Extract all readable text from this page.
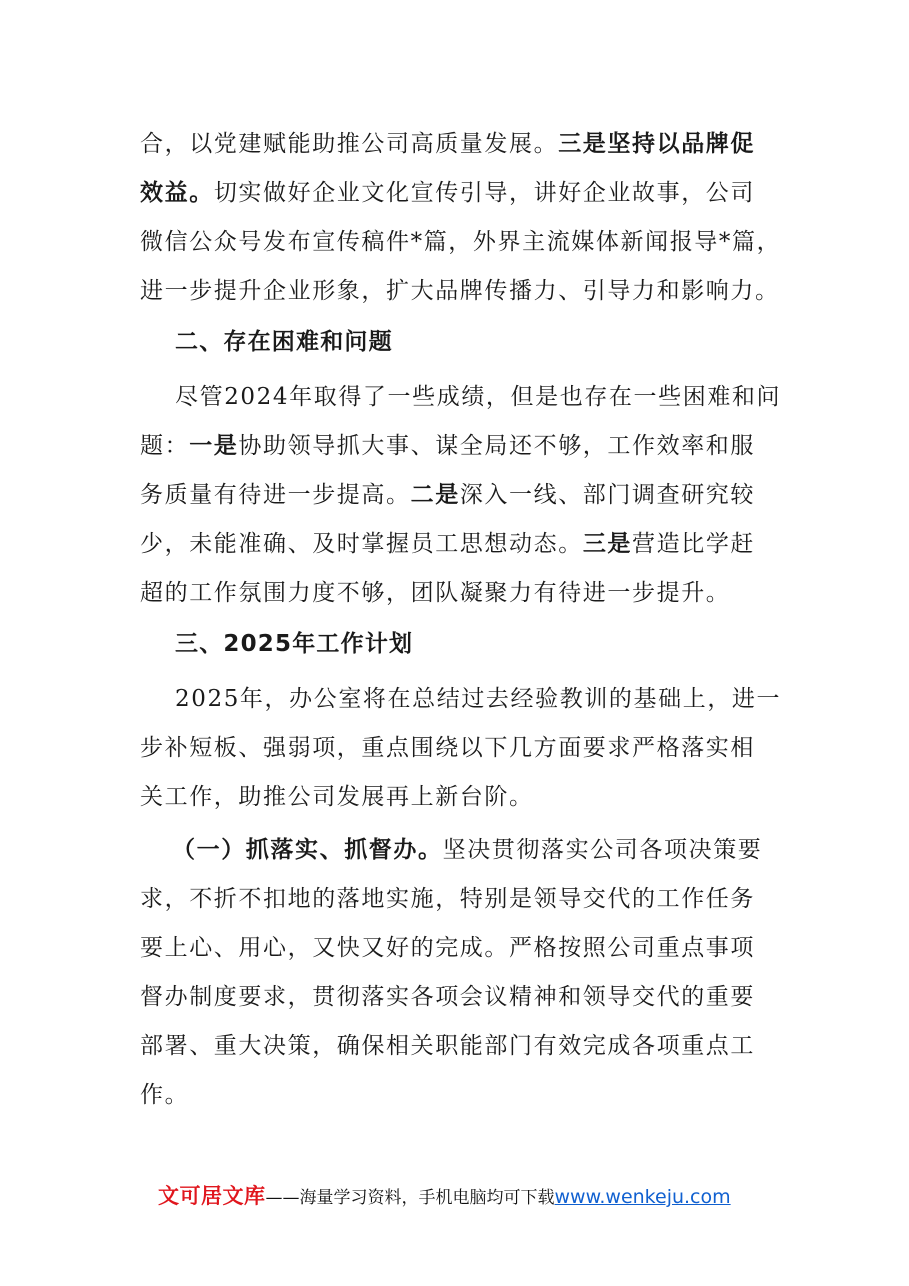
合，以党建赋能助推公司高质量发展。三是坚持以品牌促
效益。切实做好企业文化宣传引导，讲好企业故事，公司
微信公众号发布宣传稿件*篇，外界主流媒体新闻报导*篇，
进一步提升企业形象，扩大品牌传播力、引导力和影响力。
二、存在困难和问题
尽管2024年取得了一些成绩，但是也存在一些困难和问
题：一是协助领导抓大事、谋全局还不够，工作效率和服
务质量有待进一步提高。二是深入一线、部门调查研究较
少，未能准确、及时掌握员工思想动态。三是营造比学赶
超的工作氛围力度不够，团队凝聚力有待进一步提升。
三、2025年工作计划
2025年，办公室将在总结过去经验教训的基础上，进一
步补短板、强弱项，重点围绕以下几方面要求严格落实相
关工作，助推公司发展再上新台阶。
（一）抓落实、抓督办。坚决贯彻落实公司各项决策要
求，不折不扣地的落地实施，特别是领导交代的工作任务
要上心、用心，又快又好的完成。严格按照公司重点事项
督办制度要求，贯彻落实各项会议精神和领导交代的重要
部署、重大决策，确保相关职能部门有效完成各项重点工
作。
文可居文库——海量学习资料，手机电脑均可下载www.wenkeju.com
